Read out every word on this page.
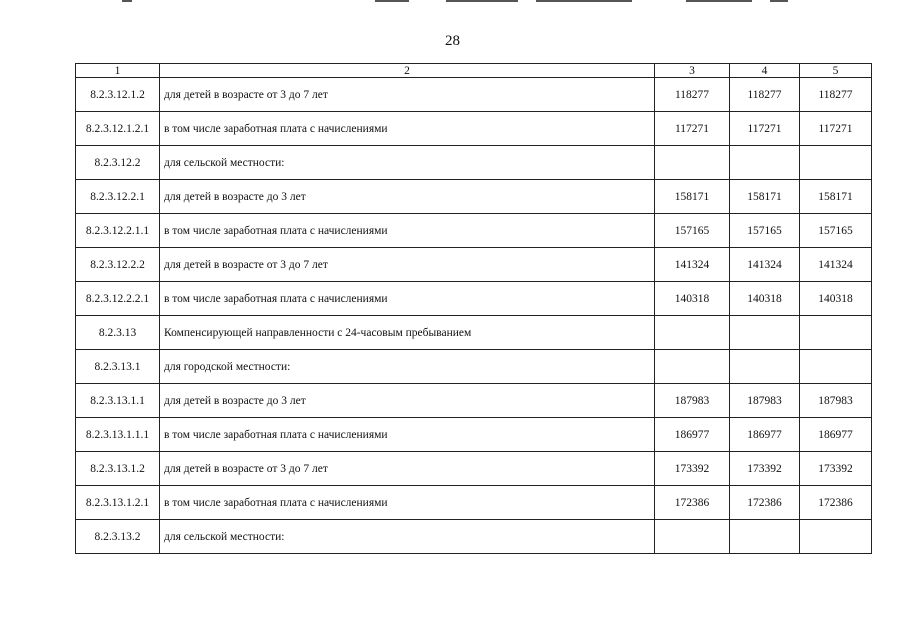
28
1	2	3	4	5
8.2.3.12.1.2	для детей в возрасте от 3 до 7 лет	118277	118277	118277
8.2.3.12.1.2.1	в том числе заработная плата с начислениями	117271	117271	117271
8.2.3.12.2	для сельской местности:			
8.2.3.12.2.1	для детей в возрасте до 3 лет	158171	158171	158171
8.2.3.12.2.1.1	в том числе заработная плата с начислениями	157165	157165	157165
8.2.3.12.2.2	для детей в возрасте от 3 до 7 лет	141324	141324	141324
8.2.3.12.2.2.1	в том числе заработная плата с начислениями	140318	140318	140318
8.2.3.13	Компенсирующей направленности с 24-часовым пребыванием			
8.2.3.13.1	для городской местности:			
8.2.3.13.1.1	для детей в возрасте до 3 лет	187983	187983	187983
8.2.3.13.1.1.1	в том числе заработная плата с начислениями	186977	186977	186977
8.2.3.13.1.2	для детей в возрасте от 3 до 7 лет	173392	173392	173392
8.2.3.13.1.2.1	в том числе заработная плата с начислениями	172386	172386	172386
8.2.3.13.2	для сельской местности:			
